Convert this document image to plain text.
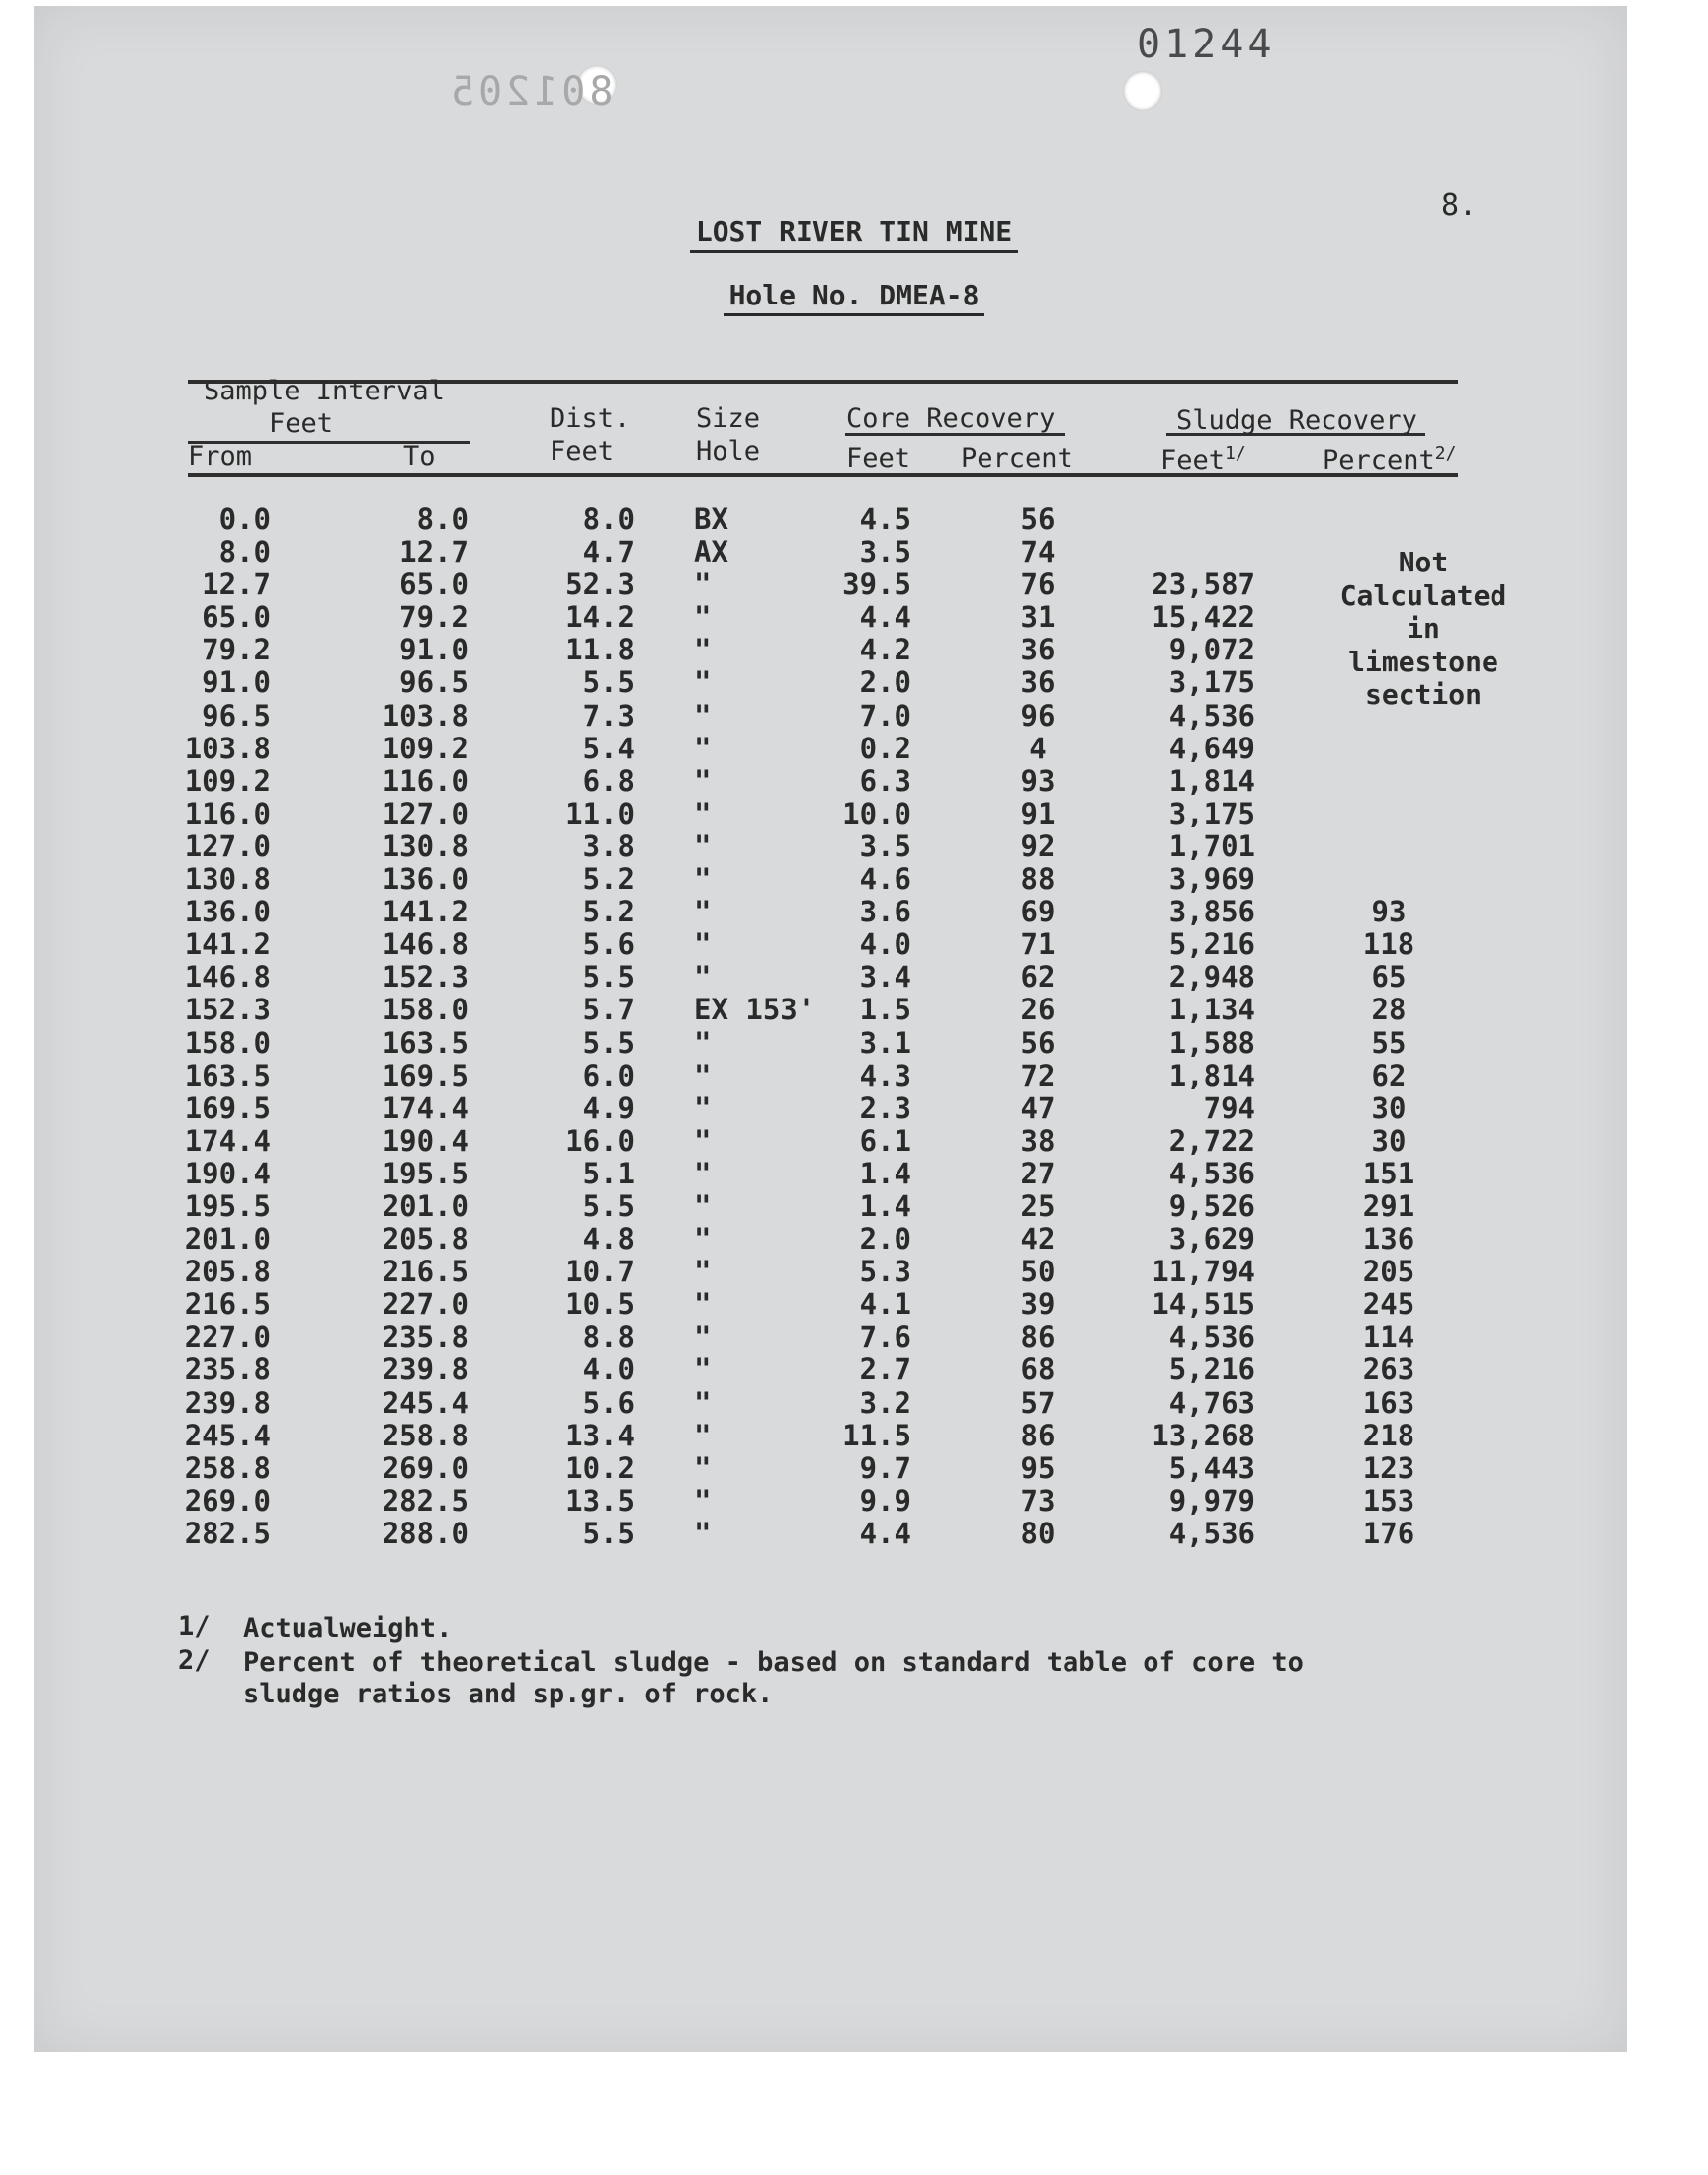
01244
801205
8.
LOST RIVER TIN MINE
Hole No. DMEA-8
Sample Interval
Feet
From	To
Dist.
Feet
Size
Hole
Core Recovery
Feet Percent
Sludge Recovery
Feet$^{1/}$	Percent$^{2/}$
0.0	8.0	8.0 BX	4.5	56
8.0	12.7	4.7 AX	3.5	74
12.7	65.0	52.3 "	39.5	76	23,587
65.0	79.2	14.2 "	4.4	31	15,422
79.2	91.0	11.8 "	4.2	36	9,072
91.0	96.5	5.5 "	2.0	36	3,175
96.5	103.8	7.3 "	7.0	96	4,536
103.8	109.2	5.4 "	0.2	4	4,649
109.2	116.0	6.8 "	6.3	93	1,814
116.0	127.0	11.0 "	10.0	91	3,175
127.0	130.8	3.8 "	3.5	92	1,701
130.8	136.0	5.2 "	4.6	88	3,969
136.0	141.2	5.2 "	3.6	69	3,856	93
141.2	146.8	5.6 "	4.0	71	5,216	118
146.8	152.3	5.5 "	3.4	62	2,948	65
152.3	158.0	5.7 EX 153'	1.5	26	1,134	28
158.0	163.5	5.5 "	3.1	56	1,588	55
163.5	169.5	6.0 "	4.3	72	1,814	62
169.5	174.4	4.9 "	2.3	47	794	30
174.4	190.4	16.0 "	6.1	38	2,722	30
190.4	195.5	5.1 "	1.4	27	4,536	151
195.5	201.0	5.5 "	1.4	25	9,526	291
201.0	205.8	4.8 "	2.0	42	3,629	136
205.8	216.5	10.7 "	5.3	50	11,794	205
216.5	227.0	10.5 "	4.1	39	14,515	245
227.0	235.8	8.8 "	7.6	86	4,536	114
235.8	239.8	4.0 "	2.7	68	5,216	263
239.8	245.4	5.6 "	3.2	57	4,763	163
245.4	258.8	13.4 "	11.5	86	13,268	218
258.8	269.0	10.2 "	9.7	95	5,443	123
269.0	282.5	13.5 "	9.9	73	9,979	153
282.5	288.0	5.5 "	4.4	80	4,536	176
Not
Calculated
in
limestone
section
1/ Actualweight.
2/ Percent of theoretical sludge - based on standard table of core to
sludge ratios and sp.gr. of rock.
